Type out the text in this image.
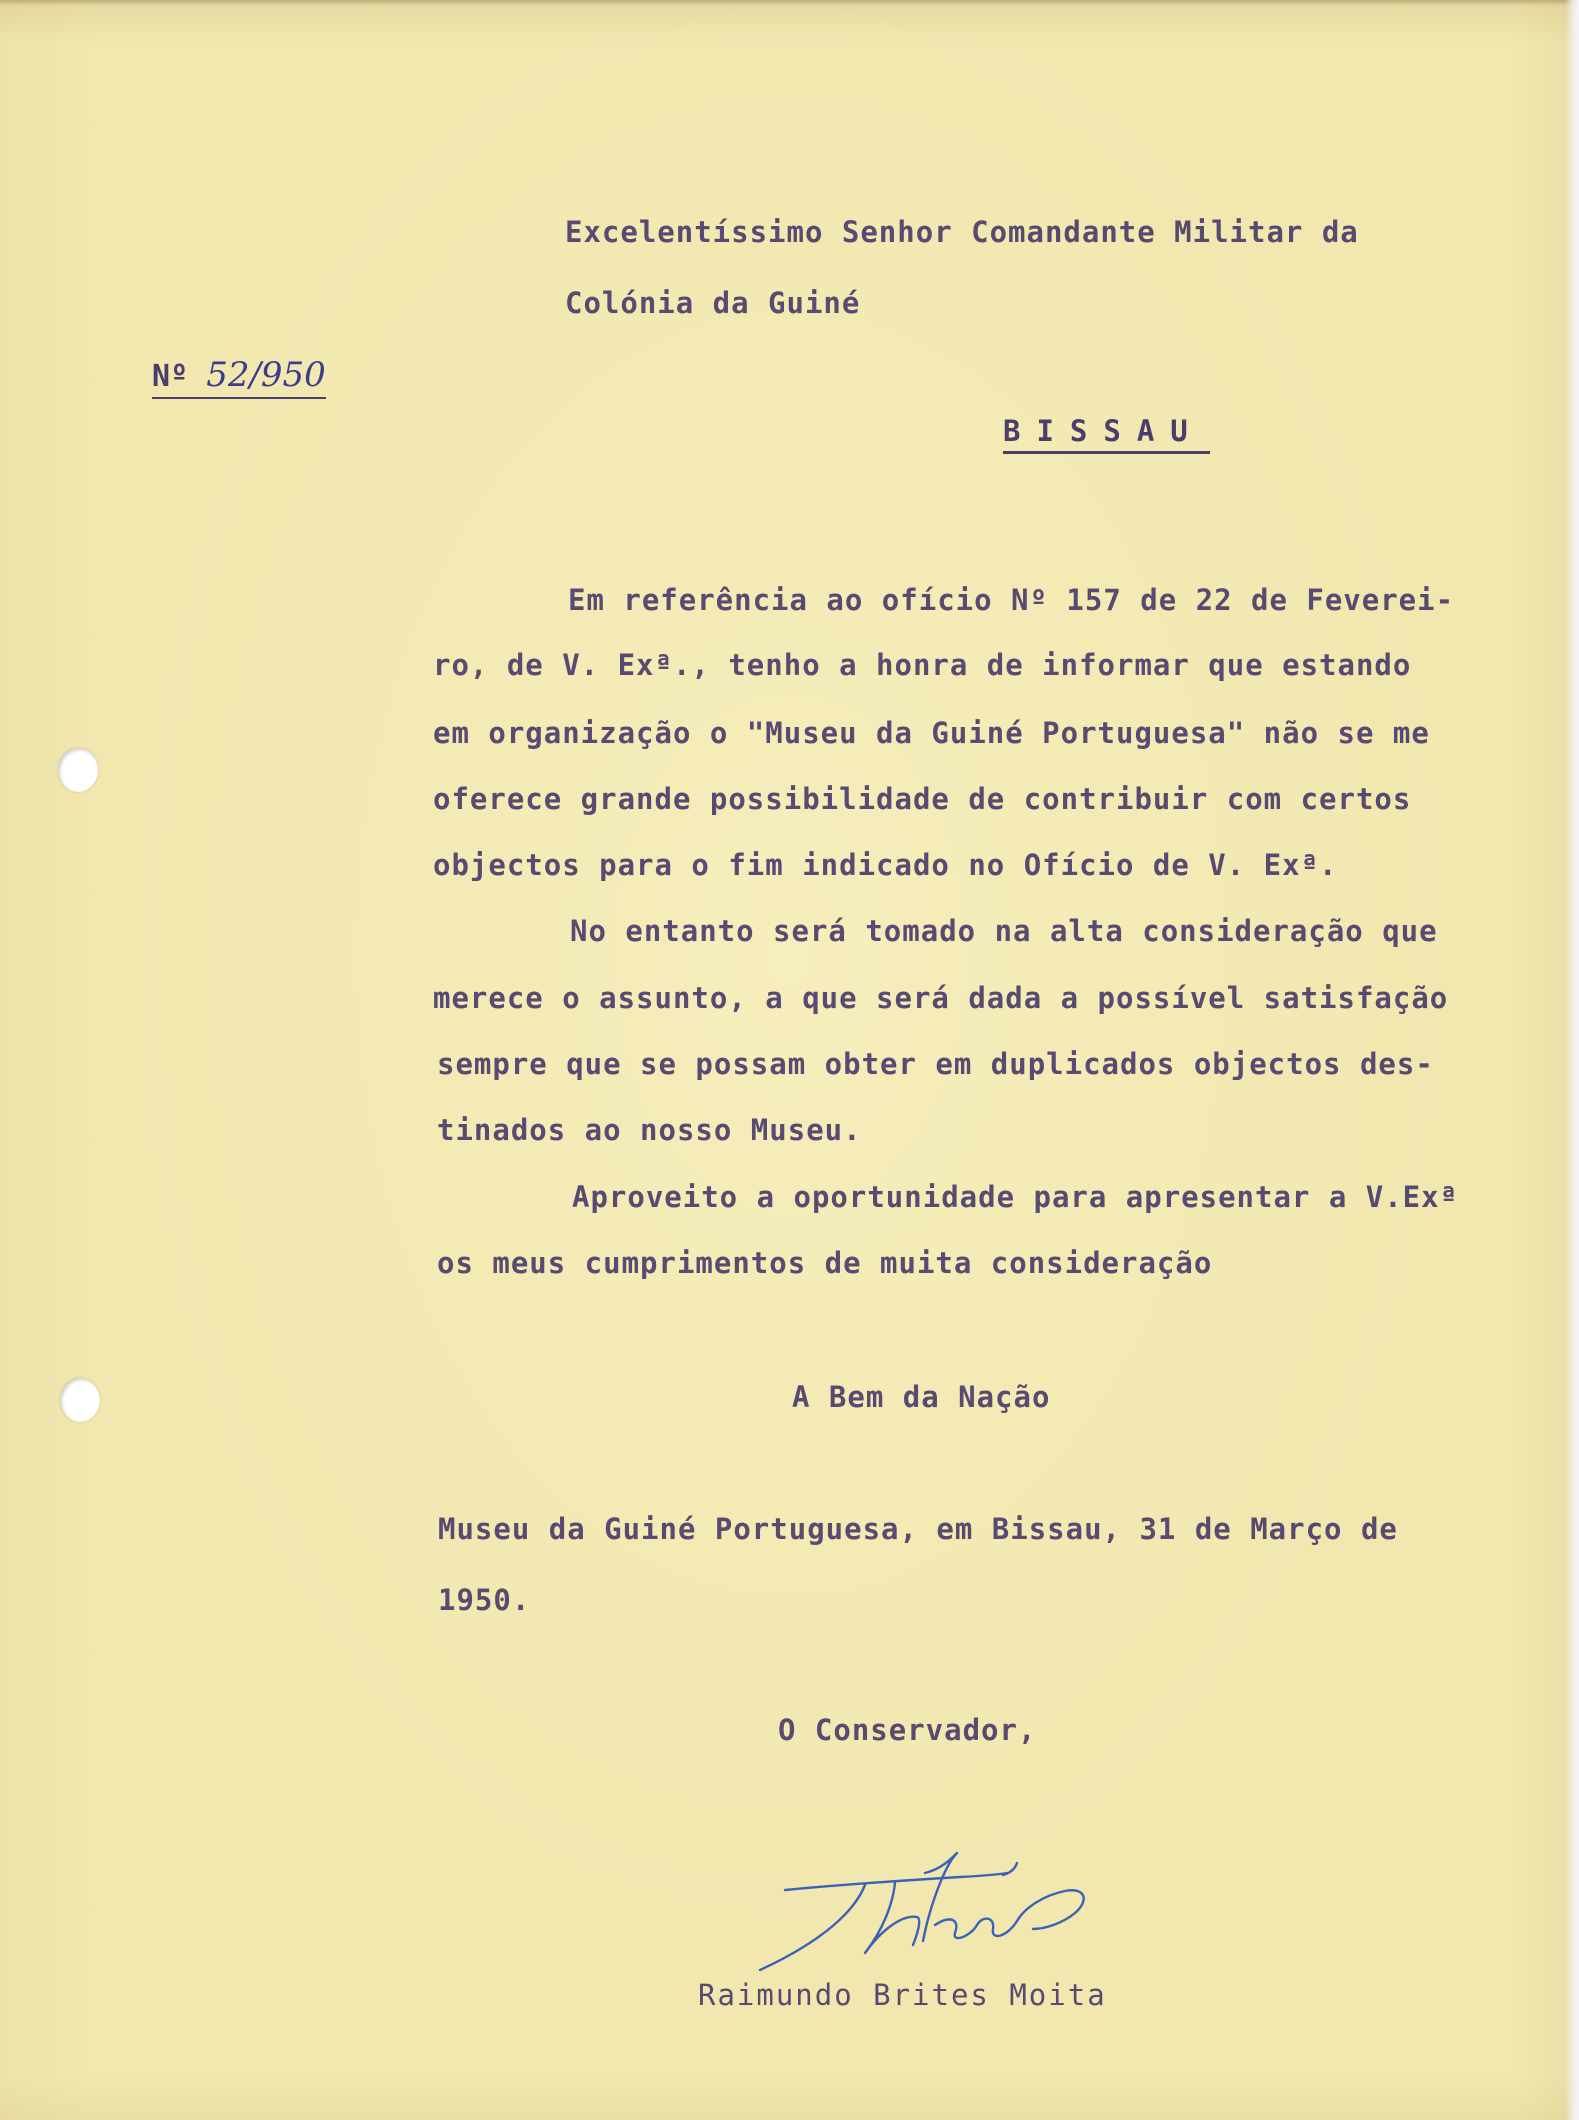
Excelentíssimo Senhor Comandante Militar da
Colónia da Guiné
Nº 52/950
BISSAU
Em referência ao ofício Nº 157 de 22 de Feverei-
ro, de V. Exª., tenho a honra de informar que estando
em organização o "Museu da Guiné Portuguesa" não se me
oferece grande possibilidade de contribuir com certos
objectos para o fim indicado no Ofício de V. Exª.
No entanto será tomado na alta consideração que
merece o assunto, a que será dada a possível satisfação
sempre que se possam obter em duplicados objectos des-
tinados ao nosso Museu.
Aproveito a oportunidade para apresentar a V.Exª
os meus cumprimentos de muita consideração
A Bem da Nação
Museu da Guiné Portuguesa, em Bissau, 31 de Março de
1950.
O Conservador,
Raimundo Brites Moita
